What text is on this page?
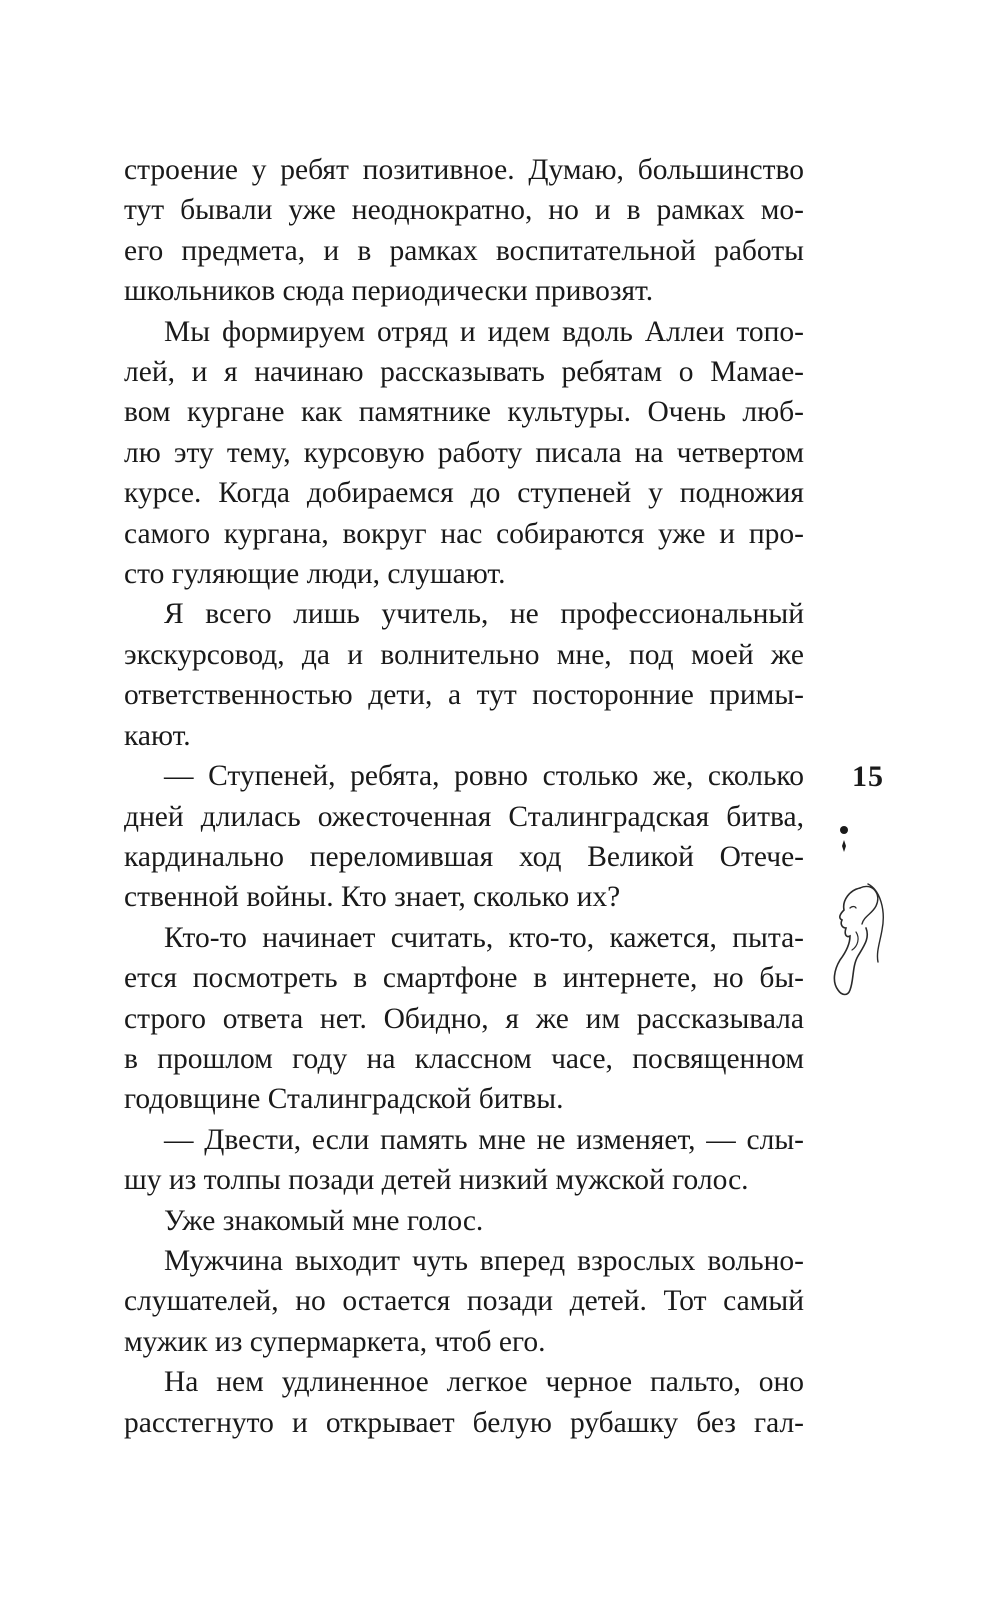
строение у ребят позитивное. Думаю, большинство
тут бывали уже неоднократно, но и в рамках мо-
его предмета, и в рамках воспитательной работы
школьников сюда периодически привозят.
Мы формируем отряд и идем вдоль Аллеи топо-
лей, и я начинаю рассказывать ребятам о Мамае-
вом кургане как памятнике культуры. Очень люб-
лю эту тему, курсовую работу писала на четвертом
курсе. Когда добираемся до ступеней у подножия
самого кургана, вокруг нас собираются уже и про-
сто гуляющие люди, слушают.
Я всего лишь учитель, не профессиональный
экскурсовод, да и волнительно мне, под моей же
ответственностью дети, а тут посторонние примы-
кают.
— Ступеней, ребята, ровно столько же, сколько
дней длилась ожесточенная Сталинградская битва,
кардинально переломившая ход Великой Отече-
ственной войны. Кто знает, сколько их?
Кто-то начинает считать, кто-то, кажется, пыта-
ется посмотреть в смартфоне в интернете, но бы-
строго ответа нет. Обидно, я же им рассказывала
в прошлом году на классном часе, посвященном
годовщине Сталинградской битвы.
— Двести, если память мне не изменяет, — слы-
шу из толпы позади детей низкий мужской голос.
Уже знакомый мне голос.
Мужчина выходит чуть вперед взрослых вольно-
слушателей, но остается позади детей. Тот самый
мужик из супермаркета, чтоб его.
На нем удлиненное легкое черное пальто, оно
расстегнуто и открывает белую рубашку без гал-
15
